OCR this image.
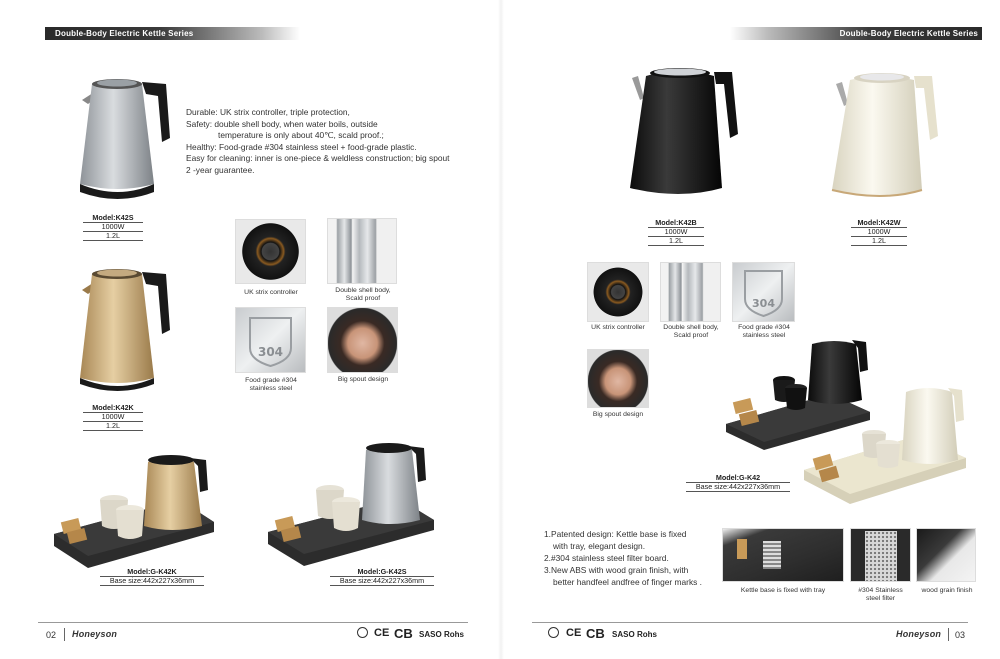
Double-Body Electric Kettle Series	Double-Body Electric Kettle Series
Model:K42S
1000W
1.2L
Model:K42K
1000W
1.2L
Durable: UK strix controller, triple protection,
Safety: double shell body, when water boils, outside
temperature is only about 40℃, scald proof.;
Healthy: Food-grade #304 stainless steel + food-grade plastic.
Easy for cleaning: inner is one-piece & weldless construction; big spout
2 -year guarantee.
UK strix controller	Double shell body,
Scald proof
304
Food grade #304
stainless steel
Big spout design
Model:G-K42K
Base size:442x227x36mm
Model:G-K42S
Base size:442x227x36mm
02 Honeyson	CE CB SASO Rohs
Model:K42B
1000W
1.2L
Model:K42W
1000W
1.2L
UK strix controller	Double shell body,
Scald proof
304
Food grade #304
stainless steel
Big spout design
Model:G-K42
Base size:442x227x36mm
1.Patented design: Kettle base is fixed
with tray, elegant design.
2.#304 stainless steel filter board.
3.New ABS with wood grain finish, with
better handfeel andfree of finger marks .
Kettle base is fixed with tray	#304 Stainless
steel filter
wood grain finish
CE CB SASO Rohs	Honeyson 03
